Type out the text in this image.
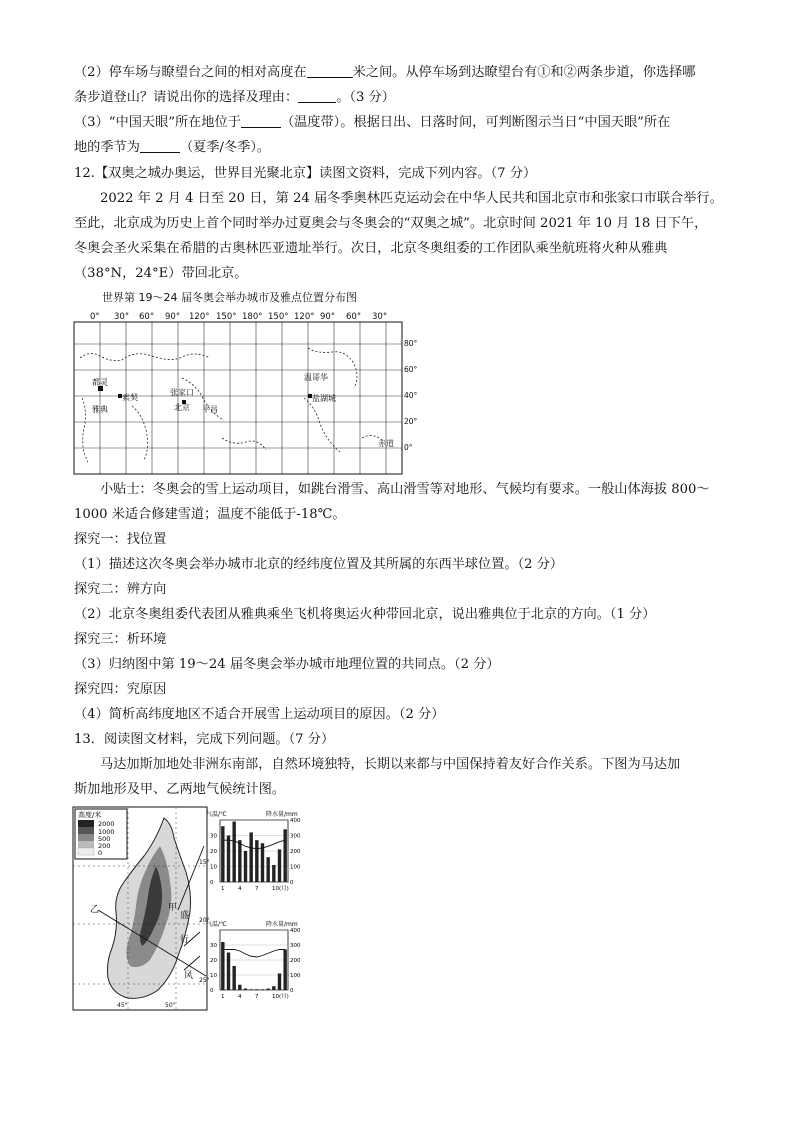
（2）停车场与瞭望台之间的相对高度在	米之间。从停车场到达瞭望台有①和②两条步道，你选择哪
条步道登山？请说出你的选择及理由：	。（3 分）
（3）“中国天眼”所在地位于	（温度带）。根据日出、日落时间，可判断图示当日“中国天眼”所在
地的季节为	（夏季/冬季）。
12.【双奥之城办奥运，世界目光聚北京】读图文资料，完成下列内容。（7 分）
2022 年 2 月 4 日至 20 日，第 24 届冬季奥林匹克运动会在中华人民共和国北京市和张家口市联合举行。
至此，北京成为历史上首个同时举办过夏奥会与冬奥会的“双奥之城”。北京时间 2021 年 10 月 18 日下午，
冬奥会圣火采集在希腊的古奥林匹亚遗址举行。次日，北京冬奥组委的工作团队乘坐航班将火种从雅典
（38°N，24°E）带回北京。
世界第 19～24 届冬奥会举办城市及雅点位置分布图
0° 30° 60° 90° 120° 150° 180° 150° 120° 90° 60° 30°
都灵
雅典
索契
张家口
北京 平昌
温哥华
盐湖城
赤道
80°
60°
40°
20°
0°
小贴士：冬奥会的雪上运动项目，如跳台滑雪、高山滑雪等对地形、气候均有要求。一般山体海拔 800～
1000 米适合修建雪道；温度不能低于-18℃。
探究一：找位置
（1）描述这次冬奥会举办城市北京的经纬度位置及其所属的东西半球位置。（2 分）
探究二：辨方向
（2）北京冬奥组委代表团从雅典乘坐飞机将奥运火种带回北京，说出雅典位于北京的方向。（1 分）
探究三：析环境
（3）归纳图中第 19～24 届冬奥会举办城市地理位置的共同点。（2 分）
探究四：究原因
（4）简析高纬度地区不适合开展雪上运动项目的原因。（2 分）
13．阅读图文材料，完成下列问题。（7 分）
马达加斯加地处非洲东南部，自然环境独特，长期以来都与中国保持着友好合作关系。下图为马达加
斯加地形及甲、乙两地气候统计图。
高度/米
2000
1000
500
200
0
15°
20°
25°
45°	50°
乙	甲
盛
行
风
气温/℃	降水量/mm
30
20
10
0
400
300
200
100
0
1 4 7 10(月)
气温/℃	降水量/mm
30
20
10
0
400
300
200
100
0
1 4 7 10(月)
